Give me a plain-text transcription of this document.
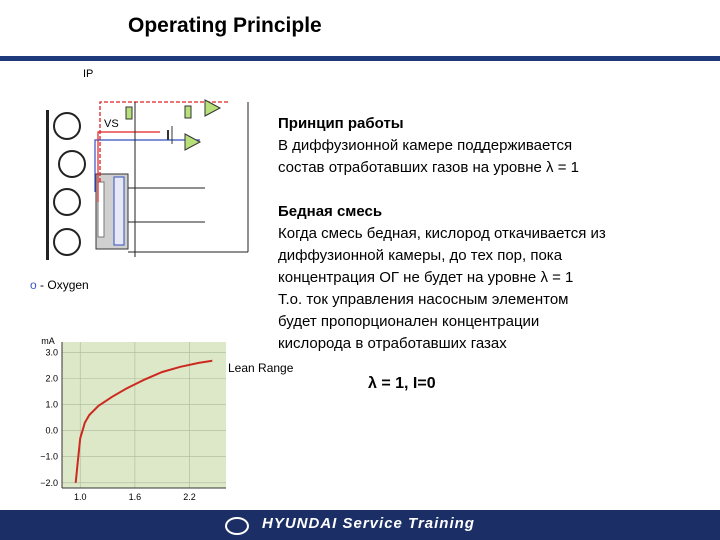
Operating Principle
IP
VS
o - Oxygen
Принцип работы
В диффузионной камере поддерживается
состав отработавших газов на уровне λ = 1
Бедная смесь
Когда смесь бедная, кислород откачивается из
диффузионной камеры, до тех пор, пока
концентрация ОГ не будет на уровне λ = 1
Т.о. ток управления насосным элементом
будет пропорционален концентрации
кислорода в отработавших газах
3.0
2.0
1.0
0.0
−1.0
−2.0
1.0	1.6	2.2
mA
Lean Range
λ = 1, I=0
HYUNDAI Service Training
